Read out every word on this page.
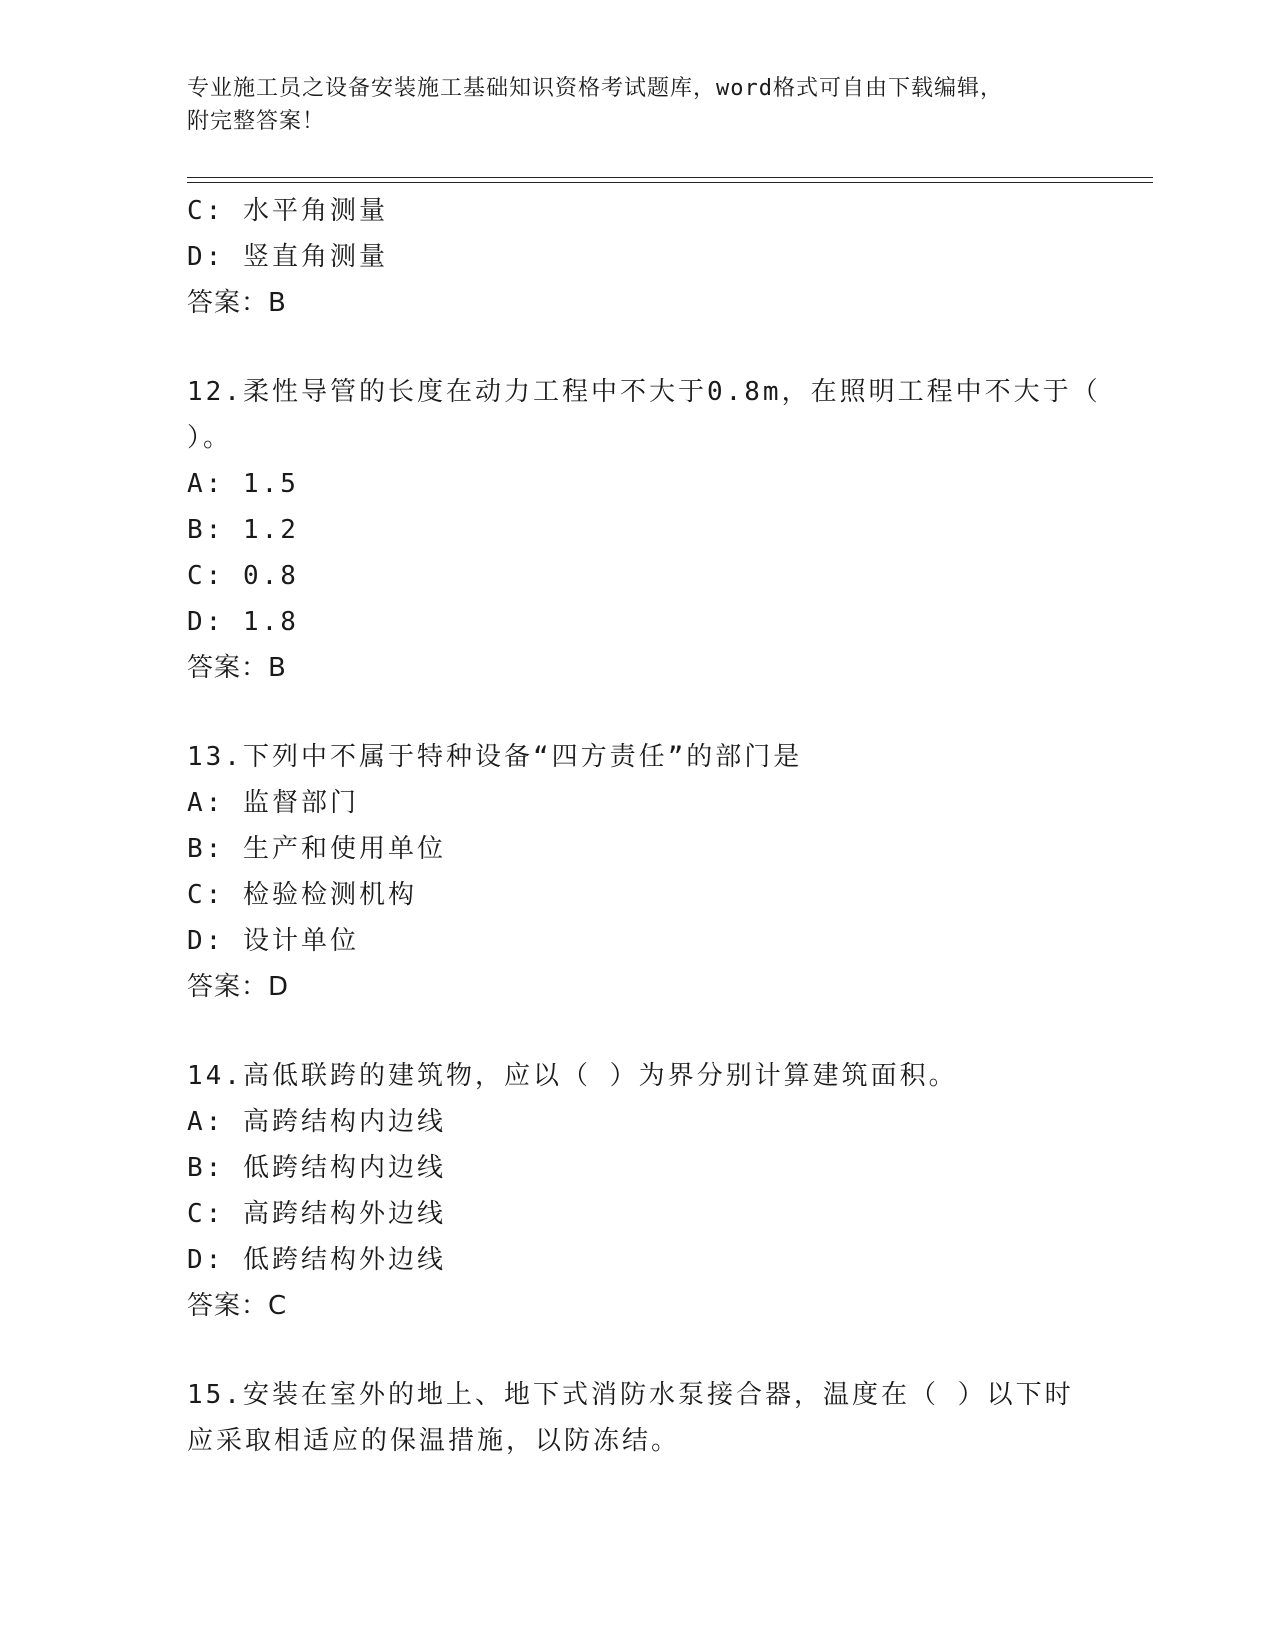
专业施工员之设备安装施工基础知识资格考试题库，word格式可自由下载编辑，
附完整答案！
C: 水平角测量
D: 竖直角测量
答案：B
12.柔性导管的长度在动力工程中不大于0.8m，在照明工程中不大于（
）。
A: 1.5
B: 1.2
C: 0.8
D: 1.8
答案：B
13.下列中不属于特种设备“四方责任”的部门是
A: 监督部门
B: 生产和使用单位
C: 检验检测机构
D: 设计单位
答案：D
14.高低联跨的建筑物，应以（ ）为界分别计算建筑面积。
A: 高跨结构内边线
B: 低跨结构内边线
C: 高跨结构外边线
D: 低跨结构外边线
答案：C
15.安装在室外的地上、地下式消防水泵接合器，温度在（ ）以下时
应采取相适应的保温措施，以防冻结。
